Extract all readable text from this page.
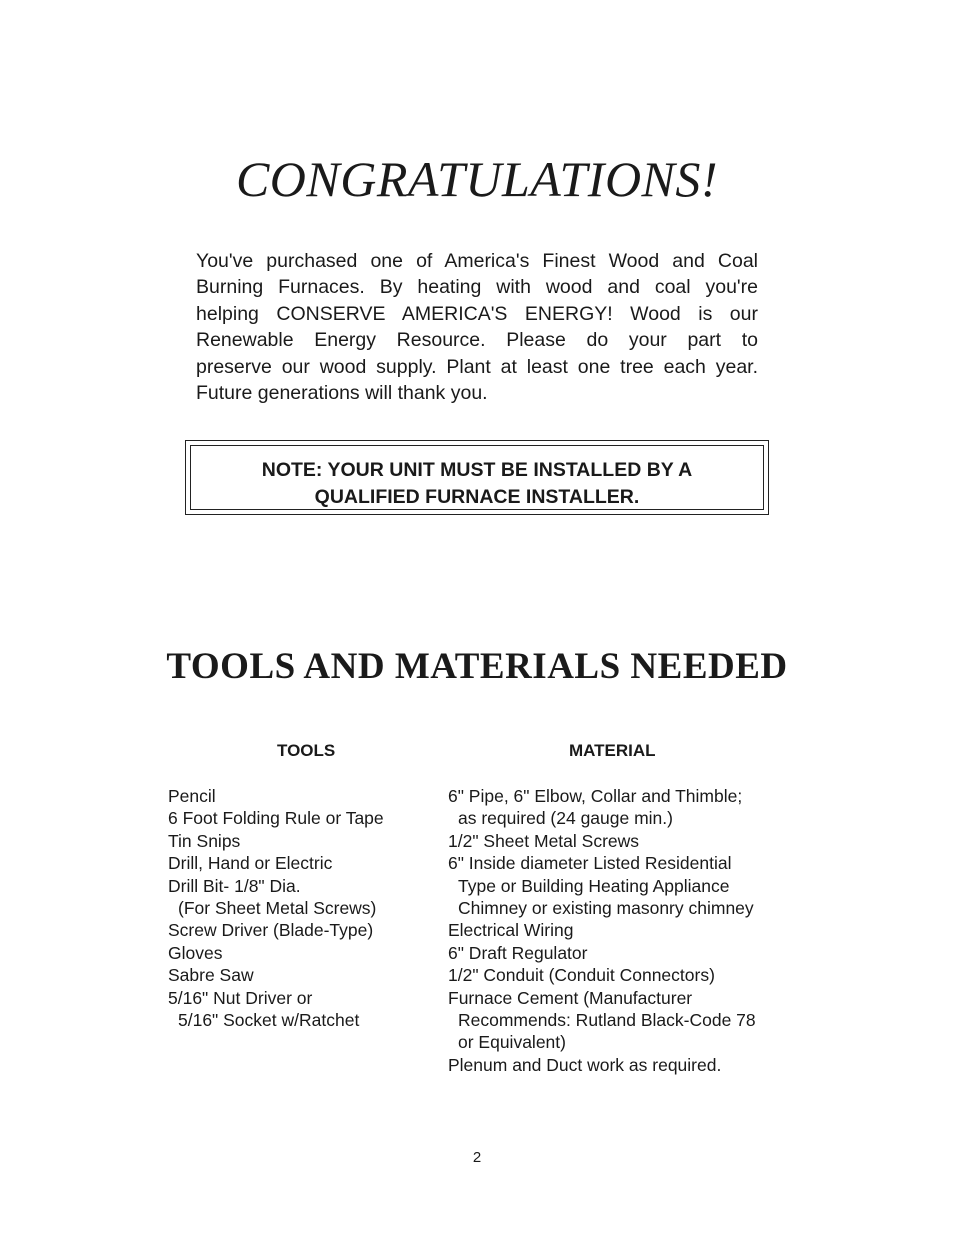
CONGRATULATIONS!

You've purchased one of America's Finest Wood and Coal
Burning Furnaces. By heating with wood and coal you're
helping CONSERVE AMERICA'S ENERGY! Wood is our
Renewable Energy Resource. Please do your part to
preserve our wood supply. Plant at least one tree each year.
Future generations will thank you.

NOTE: YOUR UNIT MUST BE INSTALLED BY A
QUALIFIED FURNACE INSTALLER.
TOOLS AND MATERIALS NEEDED
TOOLS	MATERIAL
Pencil
6 Foot Folding Rule or Tape
Tin Snips
Drill, Hand or Electric
Drill Bit- 1/8" Dia.
(For Sheet Metal Screws)
Screw Driver (Blade-Type)
Gloves
Sabre Saw
5/16" Nut Driver or
5/16" Socket w/Ratchet
6" Pipe, 6" Elbow, Collar and Thimble;
as required (24 gauge min.)
1/2" Sheet Metal Screws
6" Inside diameter Listed Residential
Type or Building Heating Appliance
Chimney or existing masonry chimney
Electrical Wiring
6" Draft Regulator
1/2" Conduit (Conduit Connectors)
Furnace Cement (Manufacturer
Recommends: Rutland Black-Code 78
or Equivalent)
Plenum and Duct work as required.
2
